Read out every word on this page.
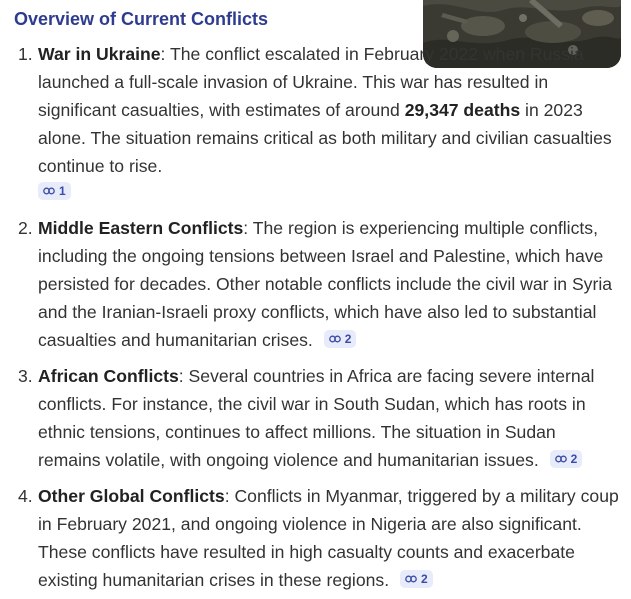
Overview of Current Conflicts
1. War in Ukraine: The conflict escalated in February 2022 when Russia launched a full-scale invasion of Ukraine. This war has resulted in significant casualties, with estimates of around 29,347 deaths in 2023 alone. The situation remains critical as both military and civilian casualties continue to rise.
1
2. Middle Eastern Conflicts: The region is experiencing multiple conflicts, including the ongoing tensions between Israel and Palestine, which have persisted for decades. Other notable conflicts include the civil war in Syria and the Iranian-Israeli proxy conflicts, which have also led to substantial casualties and humanitarian crises.	2
3. African Conflicts: Several countries in Africa are facing severe internal conflicts. For instance, the civil war in South Sudan, which has roots in ethnic tensions, continues to affect millions. The situation in Sudan remains volatile, with ongoing violence and humanitarian issues.	2
4. Other Global Conflicts: Conflicts in Myanmar, triggered by a military coup in February 2021, and ongoing violence in Nigeria are also significant. These conflicts have resulted in high casualty counts and exacerbate existing humanitarian crises in these regions.	2
